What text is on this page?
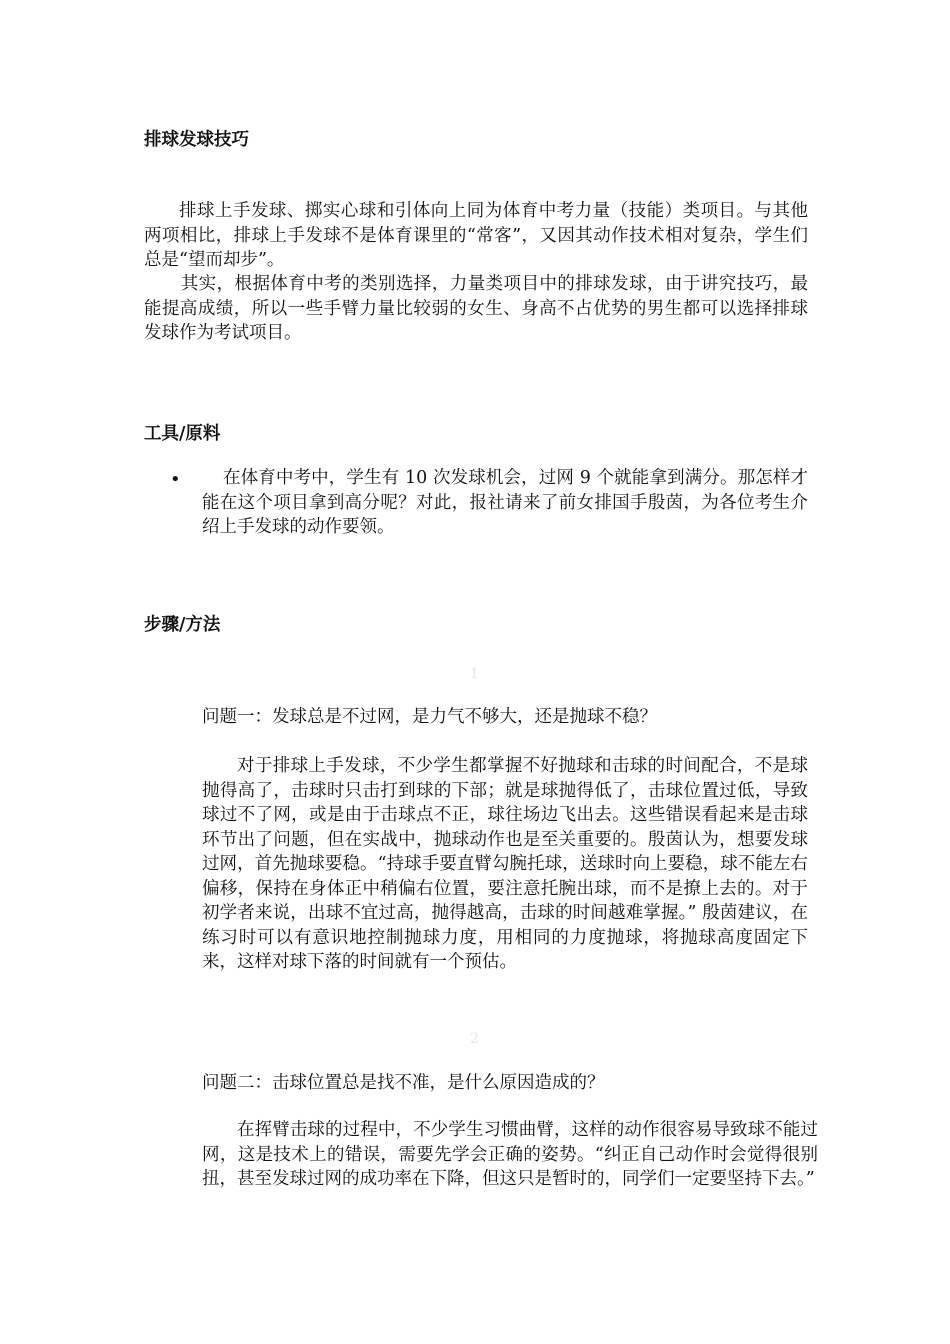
排球发球技巧

排球上手发球、掷实心球和引体向上同为体育中考力量（技能）类项目。与其他两项相比，排球上手发球不是体育课里的“常客”，又因其动作技术相对复杂，学生们总是“望而却步”。

其实，根据体育中考的类别选择，力量类项目中的排球发球，由于讲究技巧，最能提高成绩，所以一些手臂力量比较弱的女生、身高不占优势的男生都可以选择排球发球作为考试项目。

工具/原料
•	在体育中考中，学生有 10 次发球机会，过网 9 个就能拿到满分。那怎样才能在这个项目拿到高分呢？对此，报社请来了前女排国手殷茵，为各位考生介绍上手发球的动作要领。

步骤/方法
1

问题一：发球总是不过网，是力气不够大，还是抛球不稳？

对于排球上手发球，不少学生都掌握不好抛球和击球的时间配合，不是球抛得高了，击球时只击打到球的下部；就是球抛得低了，击球位置过低，导致球过不了网，或是由于击球点不正，球往场边飞出去。这些错误看起来是击球环节出了问题，但在实战中，抛球动作也是至关重要的。殷茵认为，想要发球过网，首先抛球要稳。“持球手要直臂勾腕托球，送球时向上要稳，球不能左右偏移，保持在身体正中稍偏右位置，要注意托腕出球，而不是撩上去的。对于初学者来说，出球不宜过高，抛得越高，击球的时间越难掌握。” 殷茵建议，在练习时可以有意识地控制抛球力度，用相同的力度抛球，将抛球高度固定下来，这样对球下落的时间就有一个预估。

2

问题二：击球位置总是找不准，是什么原因造成的？

在挥臂击球的过程中，不少学生习惯曲臂，这样的动作很容易导致球不能过网，这是技术上的错误，需要先学会正确的姿势。“纠正自己动作时会觉得很别扭，甚至发球过网的成功率在下降，但这只是暂时的，同学们一定要坚持下去。”
